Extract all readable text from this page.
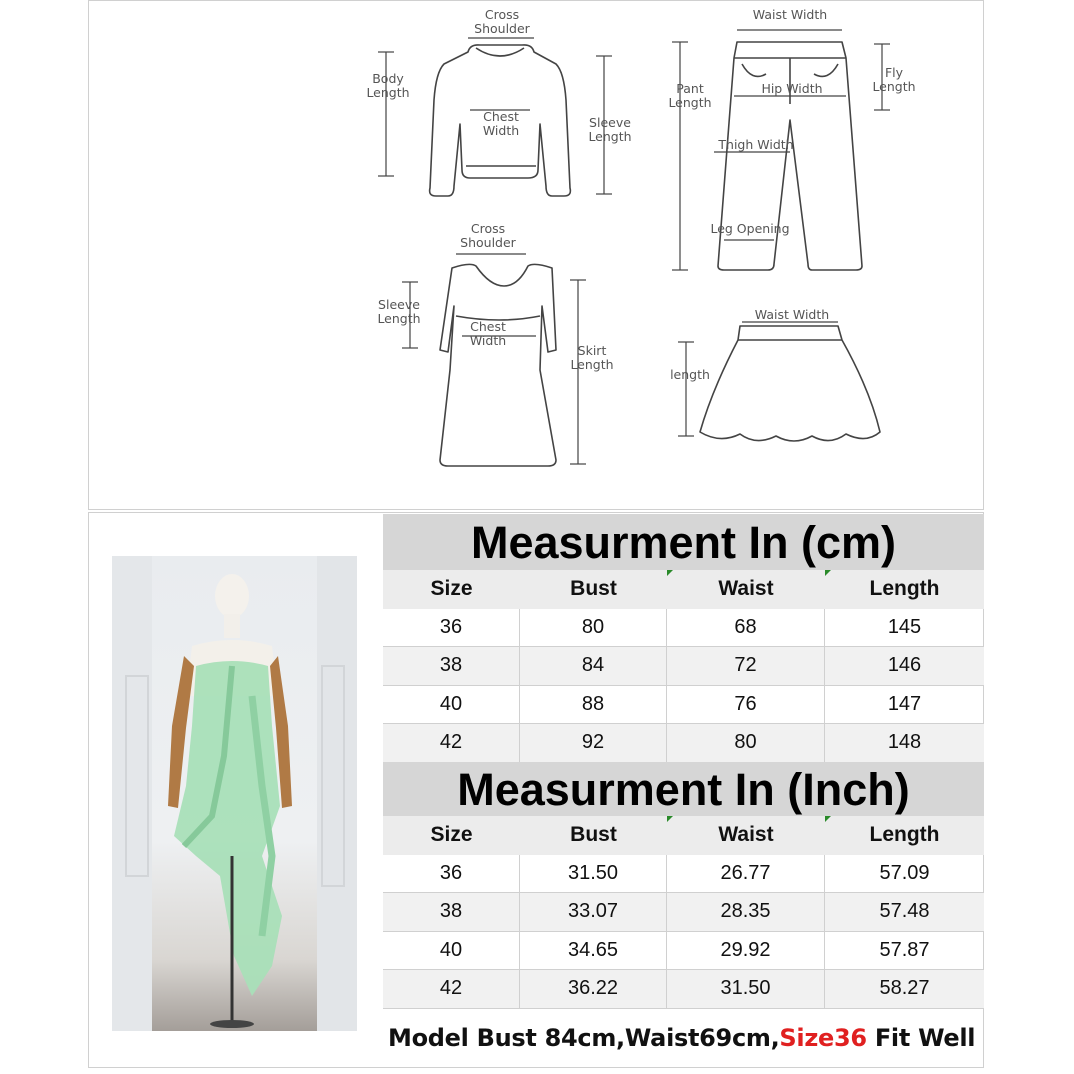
Cross
Shoulder
Body
Length
Chest
Width
Sleeve
Length
Waist Width
Pant
Length
Fly
Length
Hip Width
Thigh Width
Leg Opening
Cross
Shoulder
Sleeve
Length
Chest
Width
Skirt
Length
Waist Width
length
Measurment In (cm)
Size	Bust	Waist	Length
36	80	68	145
38	84	72	146
40	88	76	147
42	92	80	148
Measurment In (Inch)
Size	Bust	Waist	Length
36	31.50	26.77	57.09
38	33.07	28.35	57.48
40	34.65	29.92	57.87
42	36.22	31.50	58.27
Model Bust 84cm,Waist69cm,Size36 Fit Well
